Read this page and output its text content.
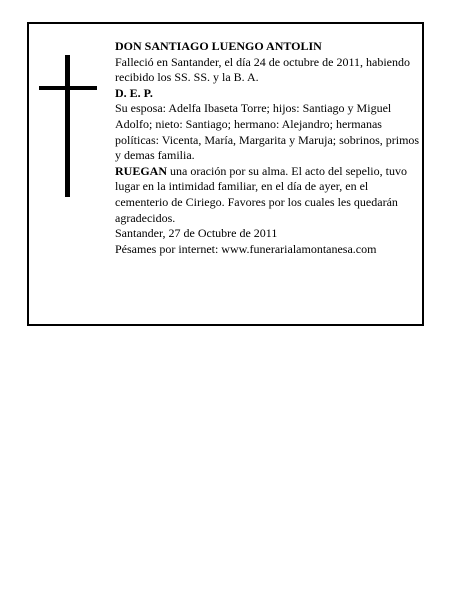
DON SANTIAGO LUENGO ANTOLIN

Falleció en Santander, el día 24 de octubre de 2011, habiendo recibido los SS. SS. y la B. A.

D. E. P.

Su esposa: Adelfa Ibaseta Torre; hijos: Santiago y Miguel Adolfo; nieto: Santiago; hermano: Alejandro; hermanas políticas: Vicenta, María, Margarita y Maruja; sobrinos, primos y demas familia.

RUEGAN una oración por su alma. El acto del sepelio, tuvo lugar en la intimidad familiar, en el día de ayer, en el cementerio de Ciriego. Favores por los cuales les quedarán agradecidos.

Santander, 27 de Octubre de 2011

Pésames por internet: www.funerarialamontanesa.com
